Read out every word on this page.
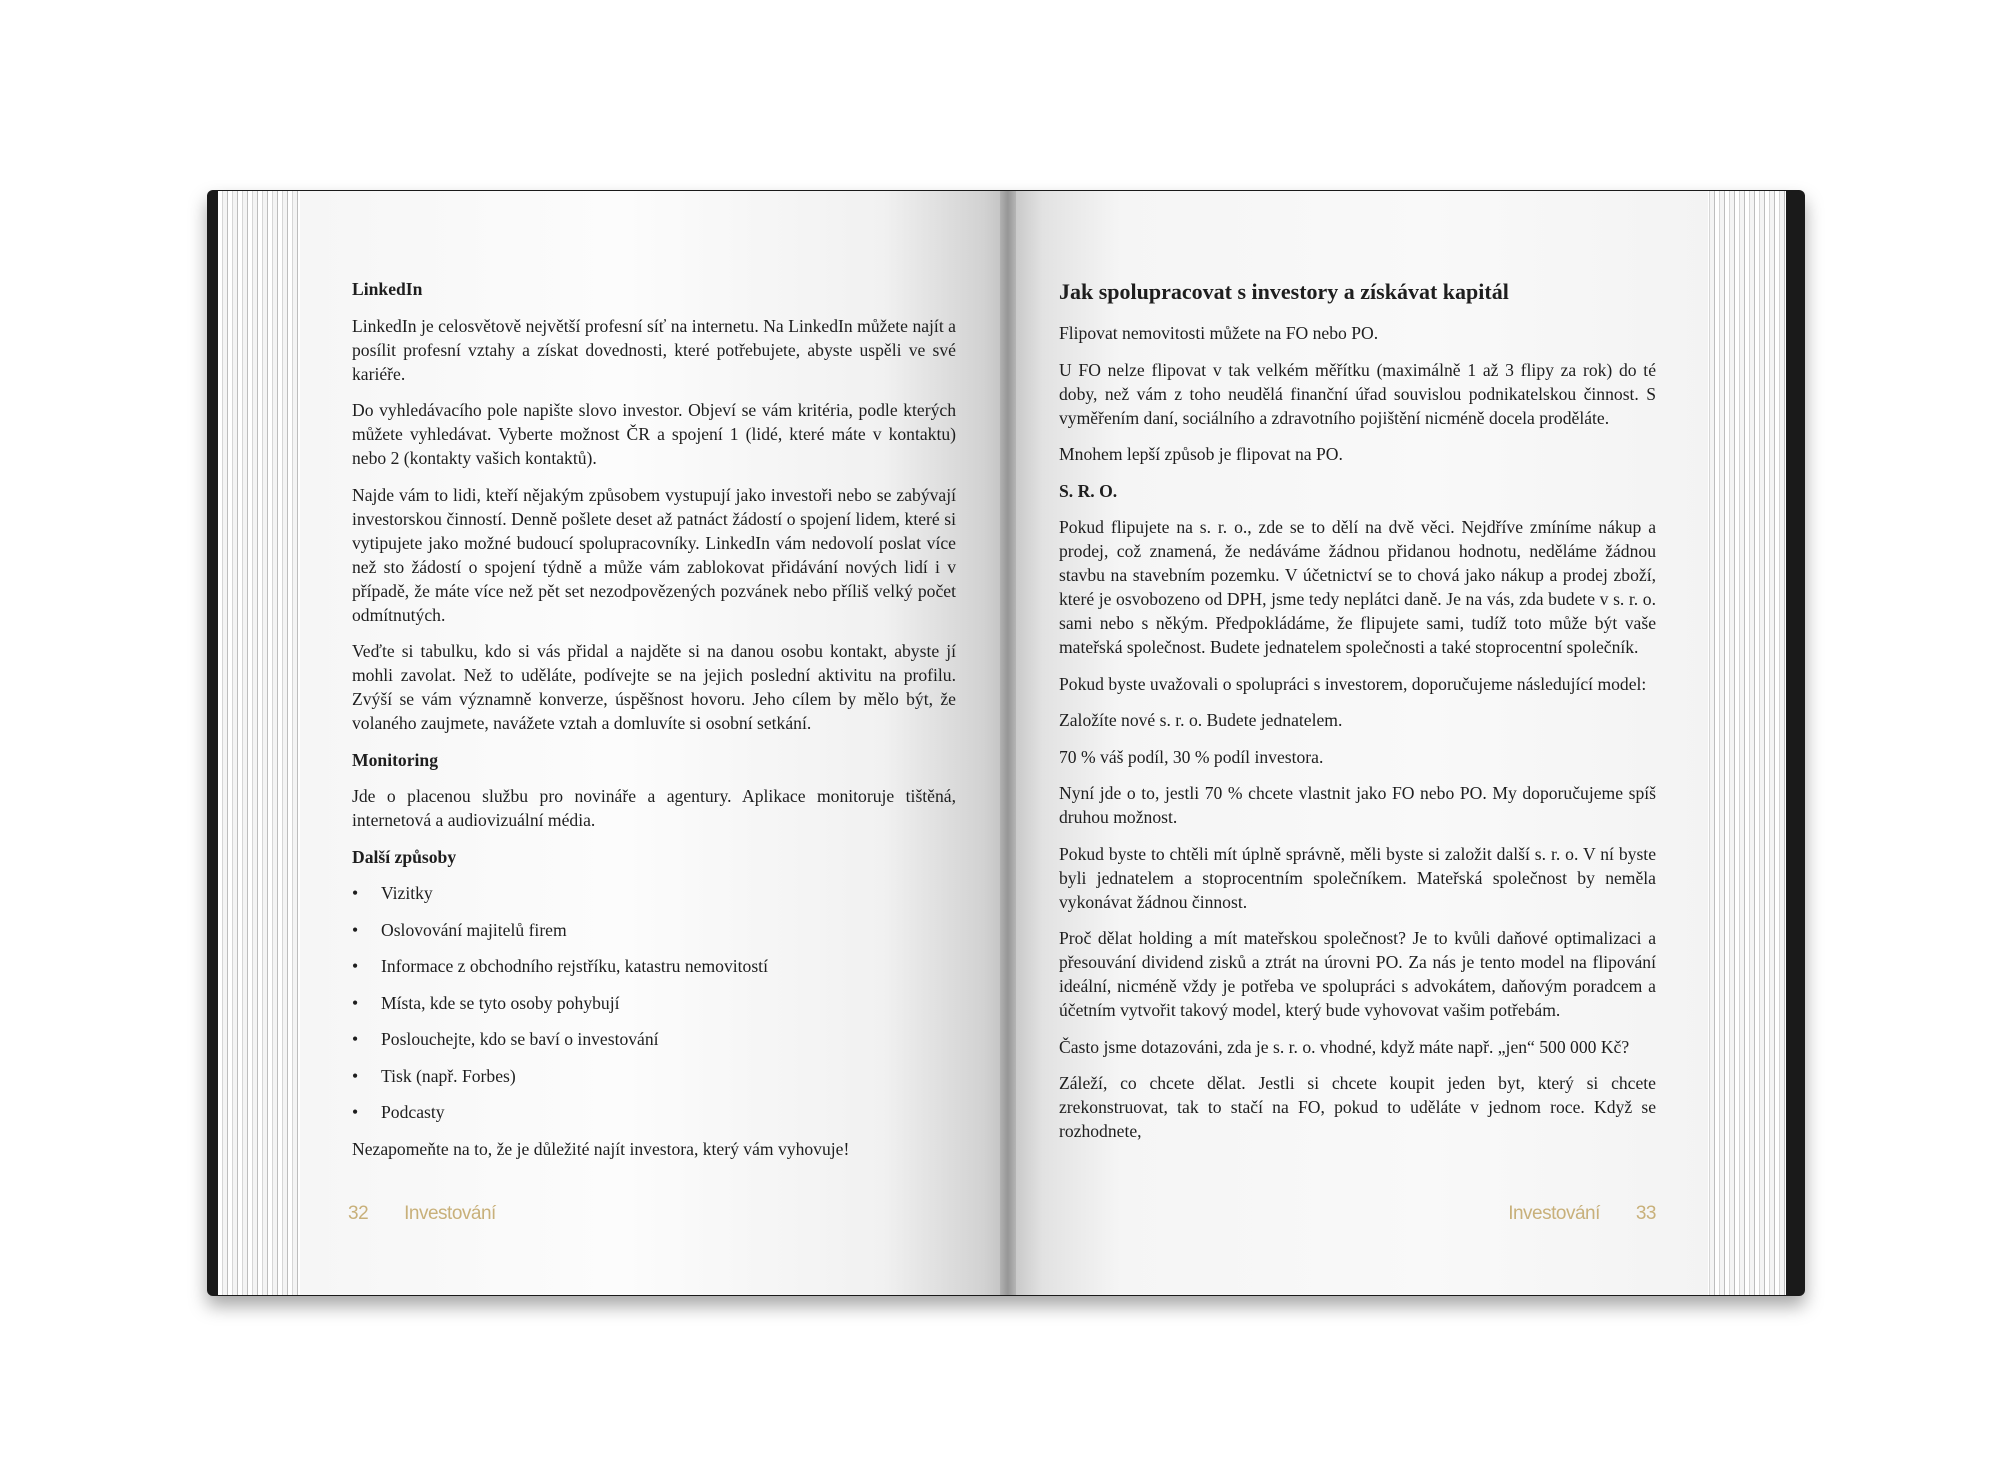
LinkedIn

LinkedIn je celosvětově největší profesní síť na internetu. Na LinkedIn můžete najít a posílit profesní vztahy a získat dovednosti, které potřebujete, abyste uspěli ve své kariéře.

Do vyhledávacího pole napište slovo investor. Objeví se vám kritéria, podle kterých můžete vyhledávat. Vyberte možnost ČR a spojení 1 (lidé, které máte v kontaktu) nebo 2 (kontakty vašich kontaktů).

Najde vám to lidi, kteří nějakým způsobem vystupují jako investoři nebo se zabývají investorskou činností. Denně pošlete deset až patnáct žádostí o spojení lidem, které si vytipujete jako možné budoucí spolupracovníky. LinkedIn vám nedovolí poslat více než sto žádostí o spojení týdně a může vám zablokovat přidávání nových lidí i v případě, že máte více než pět set nezodpovězených pozvánek nebo příliš velký počet odmítnutých.

Veďte si tabulku, kdo si vás přidal a najděte si na danou osobu kontakt, abyste jí mohli zavolat. Než to uděláte, podívejte se na jejich poslední aktivitu na profilu. Zvýší se vám významně konverze, úspěšnost hovoru. Jeho cílem by mělo být, že volaného zaujmete, navážete vztah a domluvíte si osobní setkání.

Monitoring

Jde o placenou službu pro novináře a agentury. Aplikace monitoruje tištěná, internetová a audiovizuální média.

Další způsoby
• Vizitky
• Oslovování majitelů firem
• Informace z obchodního rejstříku, katastru nemovitostí
• Místa, kde se tyto osoby pohybují
• Poslouchejte, kdo se baví o investování
• Tisk (např. Forbes)
• Podcasty

Nezapomeňte na to, že je důležité najít investora, který vám vyhovuje!

32 Investování
Jak spolupracovat s investory a získávat kapitál

Flipovat nemovitosti můžete na FO nebo PO.

U FO nelze flipovat v tak velkém měřítku (maximálně 1 až 3 flipy za rok) do té doby, než vám z toho neudělá finanční úřad souvislou podnikatelskou činnost. S vyměřením daní, sociálního a zdravotního pojištění nicméně docela proděláte.

Mnohem lepší způsob je flipovat na PO.

S. R. O.

Pokud flipujete na s. r. o., zde se to dělí na dvě věci. Nejdříve zmíníme nákup a prodej, což znamená, že nedáváme žádnou přidanou hodnotu, neděláme žádnou stavbu na stavebním pozemku. V účetnictví se to chová jako nákup a prodej zboží, které je osvobozeno od DPH, jsme tedy neplátci daně. Je na vás, zda budete v s. r. o. sami nebo s někým. Předpokládáme, že flipujete sami, tudíž toto může být vaše mateřská společnost. Budete jednatelem společnosti a také stoprocentní společník.

Pokud byste uvažovali o spolupráci s investorem, doporučujeme následující model:

Založíte nové s. r. o. Budete jednatelem.

70 % váš podíl, 30 % podíl investora.

Nyní jde o to, jestli 70 % chcete vlastnit jako FO nebo PO. My doporučujeme spíš druhou možnost.

Pokud byste to chtěli mít úplně správně, měli byste si založit další s. r. o. V ní byste byli jednatelem a stoprocentním společníkem. Mateřská společnost by neměla vykonávat žádnou činnost.

Proč dělat holding a mít mateřskou společnost? Je to kvůli daňové optimalizaci a přesouvání dividend zisků a ztrát na úrovni PO. Za nás je tento model na flipování ideální, nicméně vždy je potřeba ve spolupráci s advokátem, daňovým poradcem a účetním vytvořit takový model, který bude vyhovovat vašim potřebám.

Často jsme dotazováni, zda je s. r. o. vhodné, když máte např. „jen“ 500 000 Kč?

Záleží, co chcete dělat. Jestli si chcete koupit jeden byt, který si chcete zrekonstruovat, tak to stačí na FO, pokud to uděláte v jednom roce. Když se rozhodnete,

Investování 33
